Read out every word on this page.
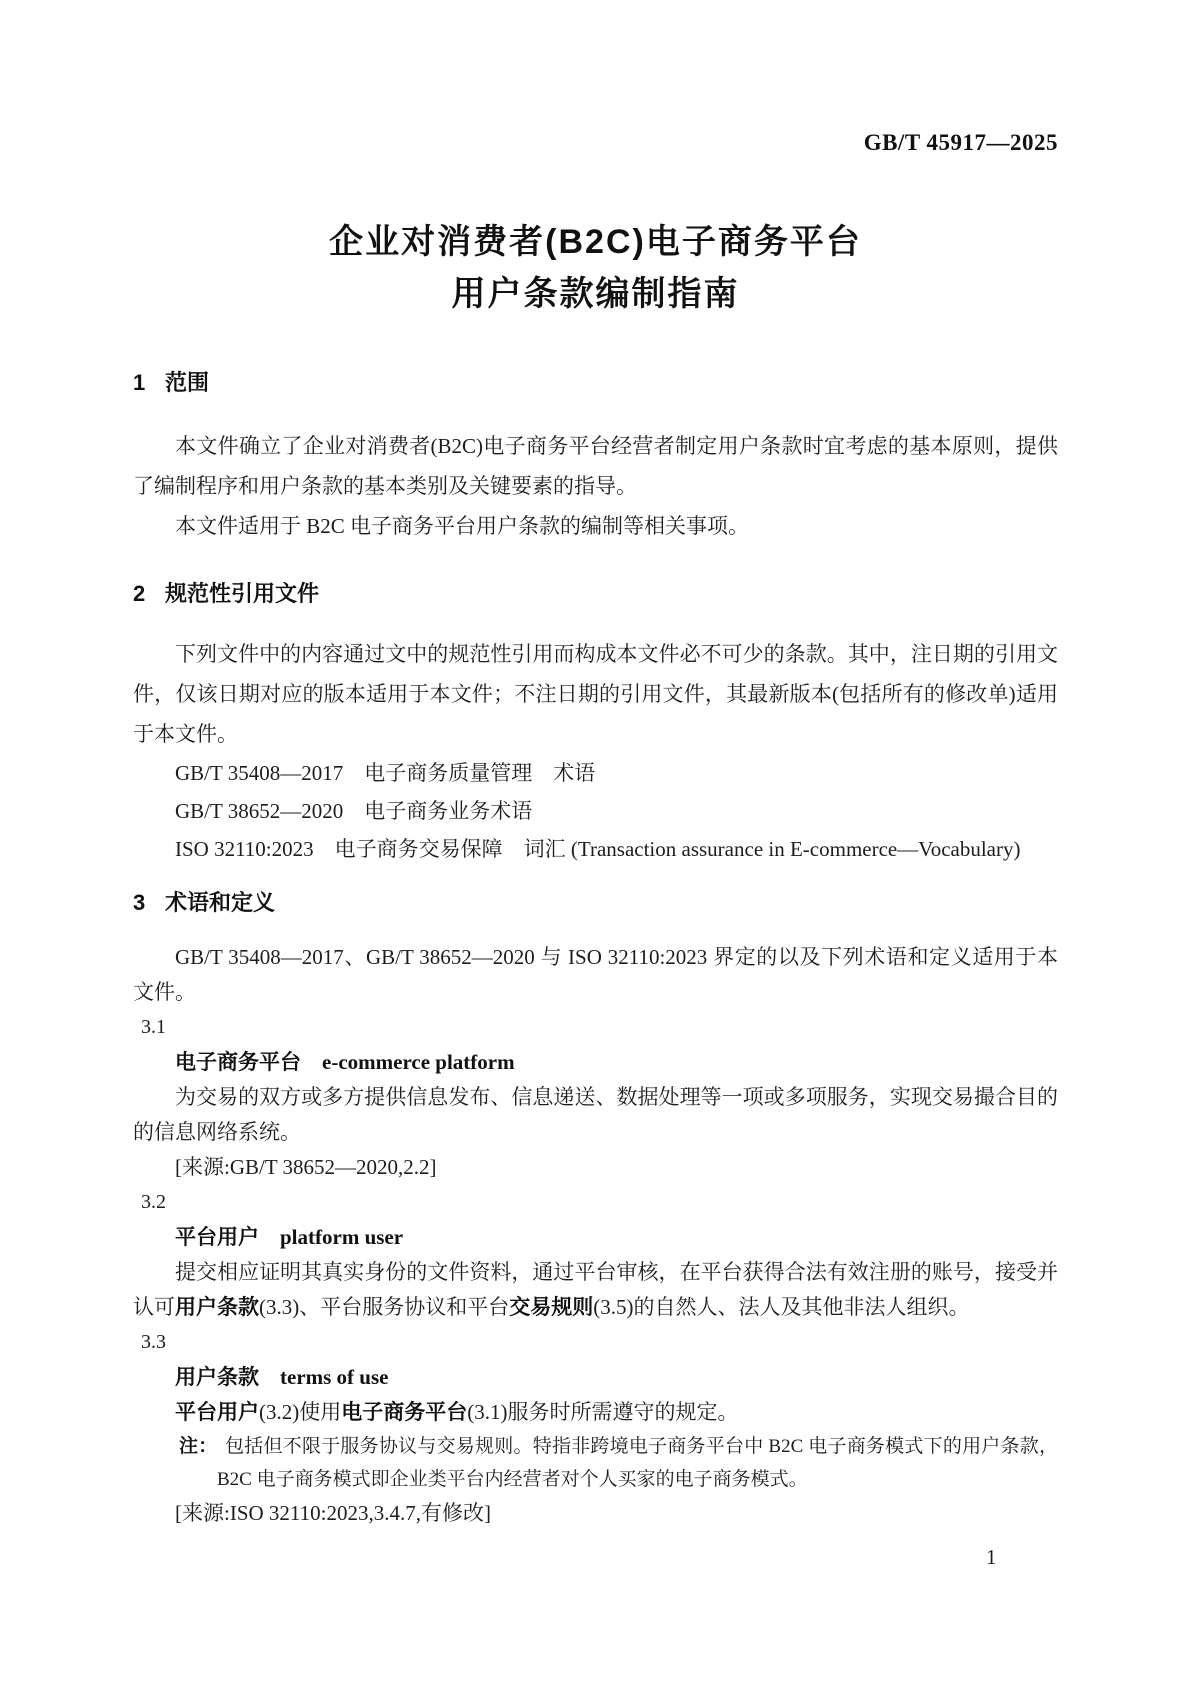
GB/T 45917—2025
企业对消费者(B2C)电子商务平台
用户条款编制指南
1 范围

本文件确立了企业对消费者(B2C)电子商务平台经营者制定用户条款时宜考虑的基本原则，提供了编制程序和用户条款的基本类别及关键要素的指导。

本文件适用于 B2C 电子商务平台用户条款的编制等相关事项。

2 规范性引用文件

下列文件中的内容通过文中的规范性引用而构成本文件必不可少的条款。其中，注日期的引用文件，仅该日期对应的版本适用于本文件；不注日期的引用文件，其最新版本(包括所有的修改单)适用于本文件。

GB/T 35408—2017　电子商务质量管理　术语

GB/T 38652—2020　电子商务业务术语

ISO 32110:2023　电子商务交易保障　词汇 (Transaction assurance in E-commerce—Vocabulary)

3 术语和定义

GB/T 35408—2017、GB/T 38652—2020 与 ISO 32110:2023 界定的以及下列术语和定义适用于本文件。

3.1

电子商务平台 e-commerce platform

为交易的双方或多方提供信息发布、信息递送、数据处理等一项或多项服务，实现交易撮合目的的信息网络系统。

[来源:GB/T 38652—2020,2.2]

3.2

平台用户 platform user

提交相应证明其真实身份的文件资料，通过平台审核，在平台获得合法有效注册的账号，接受并认可用户条款(3.3)、平台服务协议和平台交易规则(3.5)的自然人、法人及其他非法人组织。

3.3

用户条款 terms of use

平台用户(3.2)使用电子商务平台(3.1)服务时所需遵守的规定。

注： 包括但不限于服务协议与交易规则。特指非跨境电子商务平台中 B2C 电子商务模式下的用户条款，B2C 电子商务模式即企业类平台内经营者对个人买家的电子商务模式。

[来源:ISO 32110:2023,3.4.7,有修改]

1
